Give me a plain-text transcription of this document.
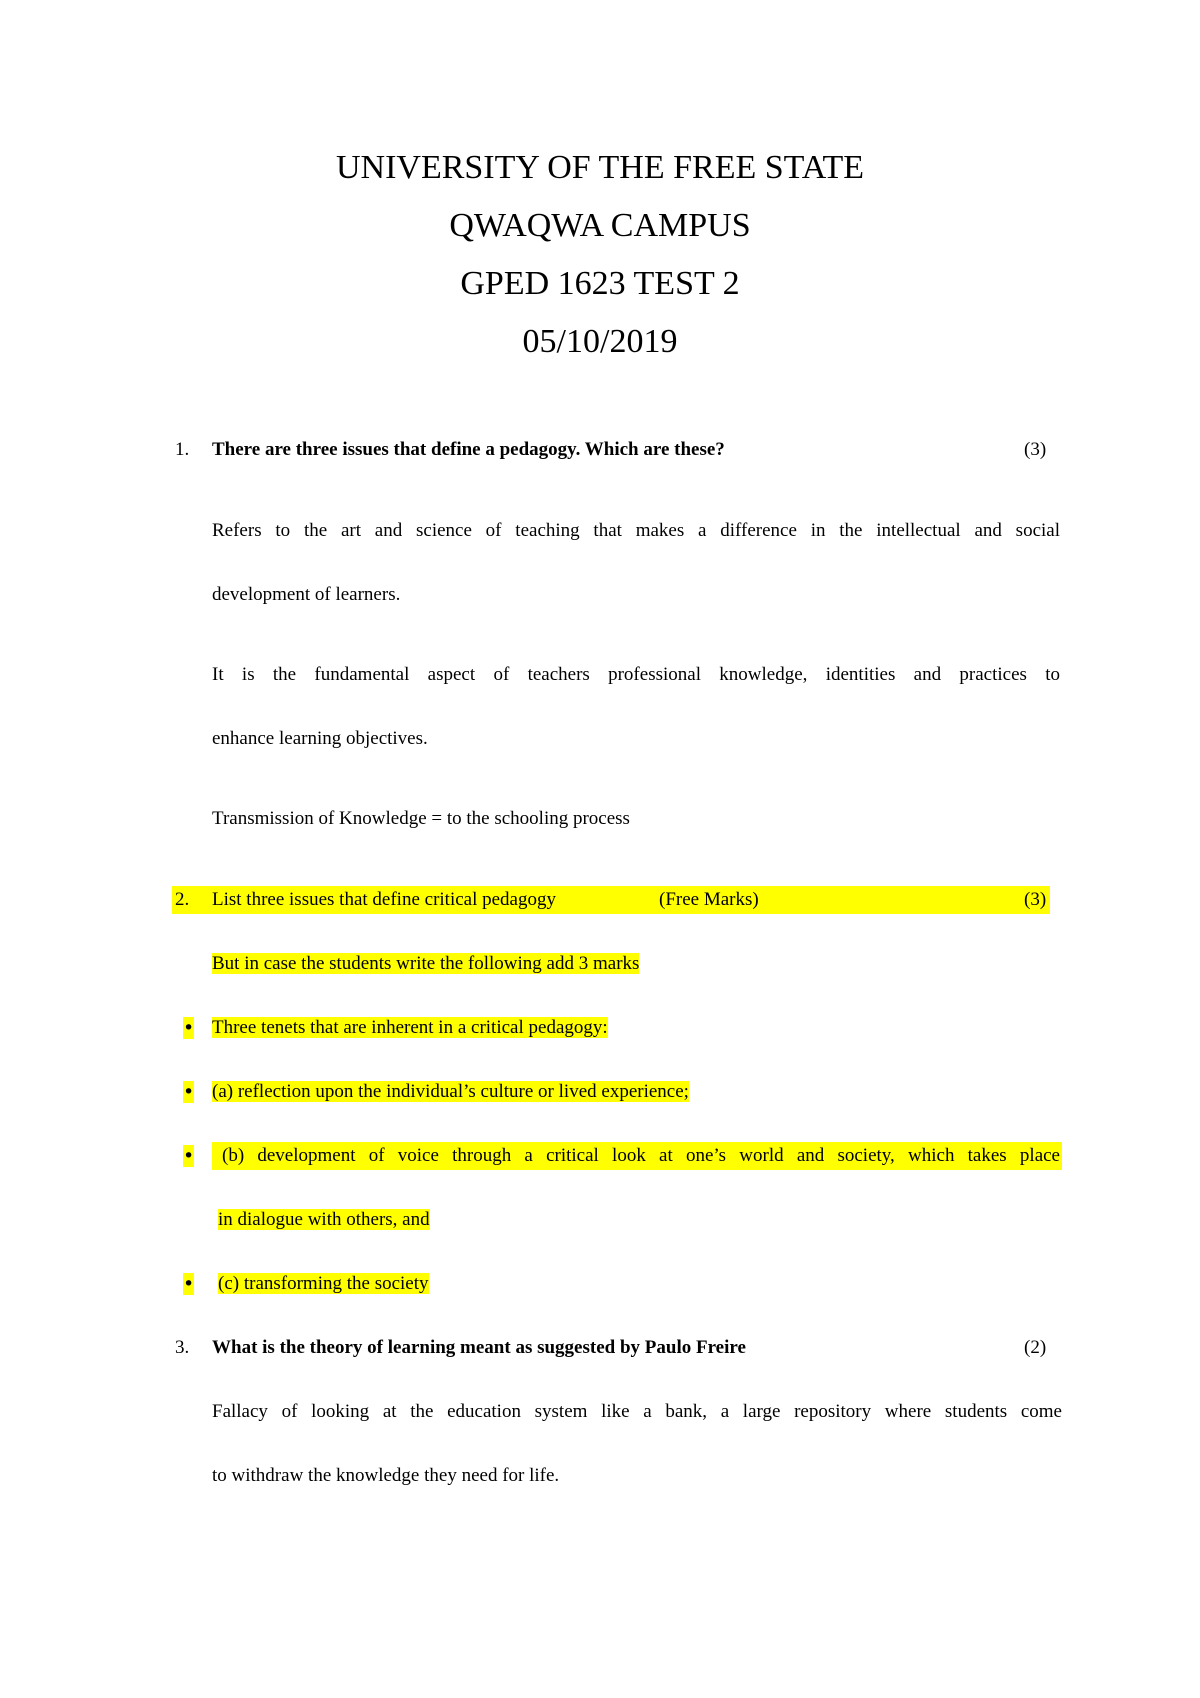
UNIVERSITY OF THE FREE STATE
QWAQWA CAMPUS
GPED 1623 TEST 2
05/10/2019
1. There are three issues that define a pedagogy. Which are these?	(3)
Refers to the art and science of teaching that makes a difference in the intellectual and social
development of learners.
It is the fundamental aspect of teachers professional knowledge, identities and practices to
enhance learning objectives.
Transmission of Knowledge = to the schooling process
2. List three issues that define critical pedagogy	(Free Marks)	(3)
But in case the students write the following add 3 marks
• Three tenets that are inherent in a critical pedagogy:
• (a) reflection upon the individual’s culture or lived experience;
• (b) development of voice through a critical look at one’s world and society, which takes place
in dialogue with others, and
• (c) transforming the society
3. What is the theory of learning meant as suggested by Paulo Freire	(2)
Fallacy of looking at the education system like a bank, a large repository where students come
to withdraw the knowledge they need for life.
